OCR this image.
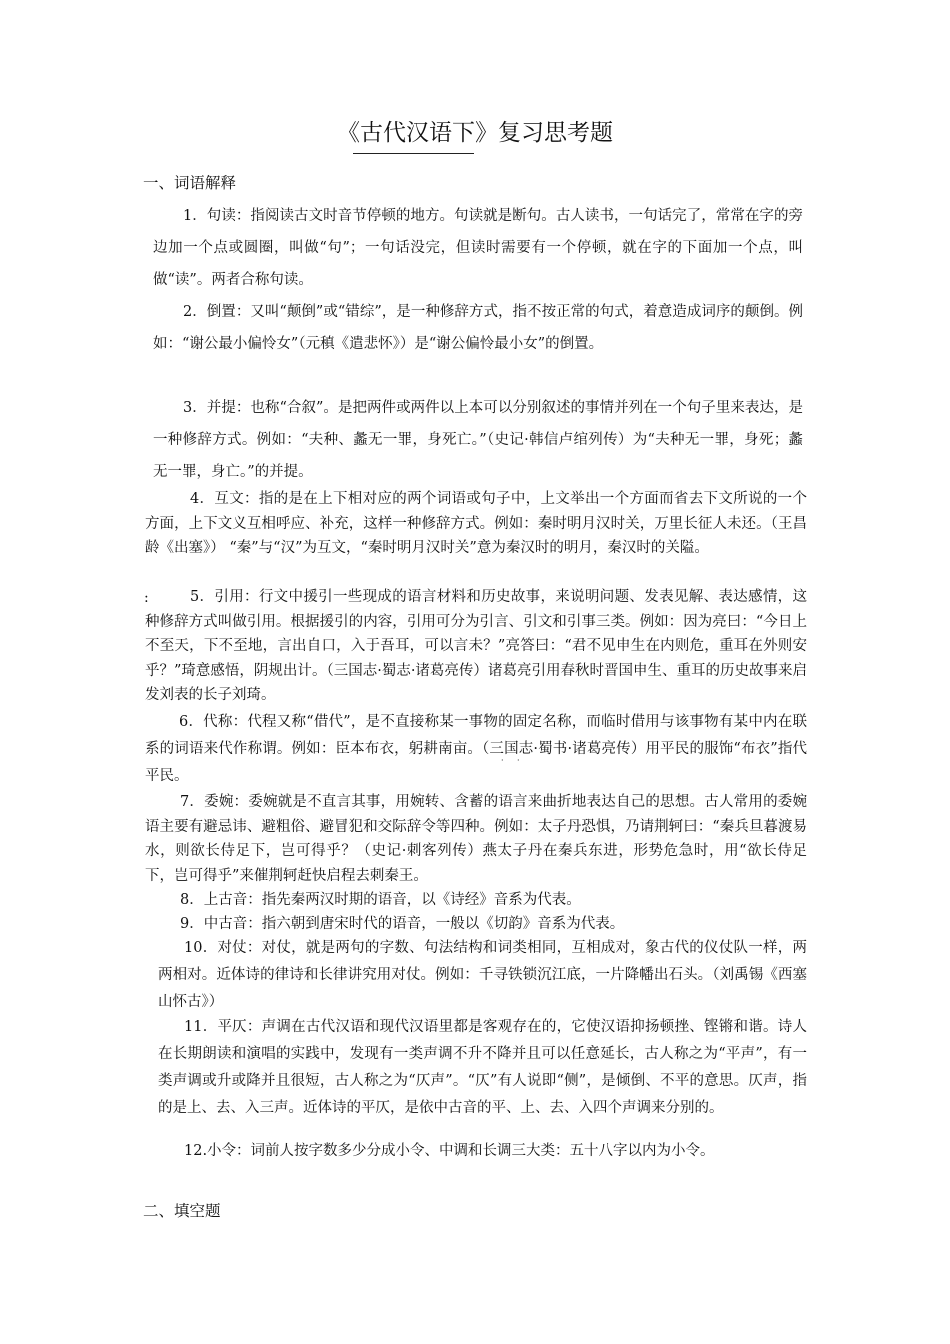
《古代汉语下》复习思考题
一、词语解释

1．句读：指阅读古文时音节停顿的地方。句读就是断句。古人读书，一句话完了，常常在字的旁边加一个点或圆圈，叫做“句”；一句话没完，但读时需要有一个停顿，就在字的下面加一个点，叫做“读”。两者合称句读。

2．倒置：又叫“颠倒”或“错综”，是一种修辞方式，指不按正常的句式，着意造成词序的颠倒。例如：“谢公最小偏怜女”（元稹《遣悲怀》）是“谢公偏怜最小女”的倒置。

3．并提：也称“合叙”。是把两件或两件以上本可以分别叙述的事情并列在一个句子里来表达，是一种修辞方式。例如：“夫种、蠡无一罪，身死亡。”（史记·韩信卢绾列传）为“夫种无一罪，身死；蠡无一罪，身亡。”的并提。

4．互文：指的是在上下相对应的两个词语或句子中，上文举出一个方面而省去下文所说的一个方面，上下文义互相呼应、补充，这样一种修辞方式。例如：秦时明月汉时关，万里长征人未还。（王昌龄《出塞》） “秦”与“汉”为互文，“秦时明月汉时关”意为秦汉时的明月，秦汉时的关隘。

:	5．引用：行文中援引一些现成的语言材料和历史故事，来说明问题、发表见解、表达感情，这种修辞方式叫做引用。根据援引的内容，引用可分为引言、引文和引事三类。例如：因为亮曰：“今日上不至天，下不至地，言出自口，入于吾耳，可以言未？”亮答曰：“君不见申生在内则危，重耳在外则安乎？”琦意感悟，阴规出计。（三国志·蜀志·诸葛亮传）诸葛亮引用春秋时晋国申生、重耳的历史故事来启发刘表的长子刘琦。

6．代称：代程又称“借代”，是不直接称某一事物的固定名称，而临时借用与该事物有某中内在联系的词语来代作称谓。例如：臣本布衣，躬耕南亩。（三国志·蜀书·诸葛亮传）用平民的服饰“布衣”指代平民。

· ·

7．委婉：委婉就是不直言其事，用婉转、含蓄的语言来曲折地表达自己的思想。古人常用的委婉语主要有避忌讳、避粗俗、避冒犯和交际辞令等四种。例如：太子丹恐惧，乃请荆轲曰：“秦兵旦暮渡易水，则欲长侍足下，岂可得乎？（史记·刺客列传）燕太子丹在秦兵东进，形势危急时，用“欲长侍足下，岂可得乎”来催荆轲赶快启程去刺秦王。

8．上古音：指先秦两汉时期的语音，以《诗经》音系为代表。

9．中古音：指六朝到唐宋时代的语音，一般以《切韵》音系为代表。

10．对仗：对仗，就是两句的字数、句法结构和词类相同，互相成对，象古代的仪仗队一样，两两相对。近体诗的律诗和长律讲究用对仗。例如：千寻铁锁沉江底，一片降幡出石头。（刘禹锡《西塞山怀古》）

11．平仄：声调在古代汉语和现代汉语里都是客观存在的，它使汉语抑扬顿挫、铿锵和谐。诗人在长期朗读和演唱的实践中，发现有一类声调不升不降并且可以任意延长，古人称之为“平声”，有一类声调或升或降并且很短，古人称之为“仄声”。“仄”有人说即“侧”，是倾倒、不平的意思。仄声，指的是上、去、入三声。近体诗的平仄，是依中古音的平、上、去、入四个声调来分别的。

12.小令：词前人按字数多少分成小令、中调和长调三大类：五十八字以内为小令。

二、填空题
